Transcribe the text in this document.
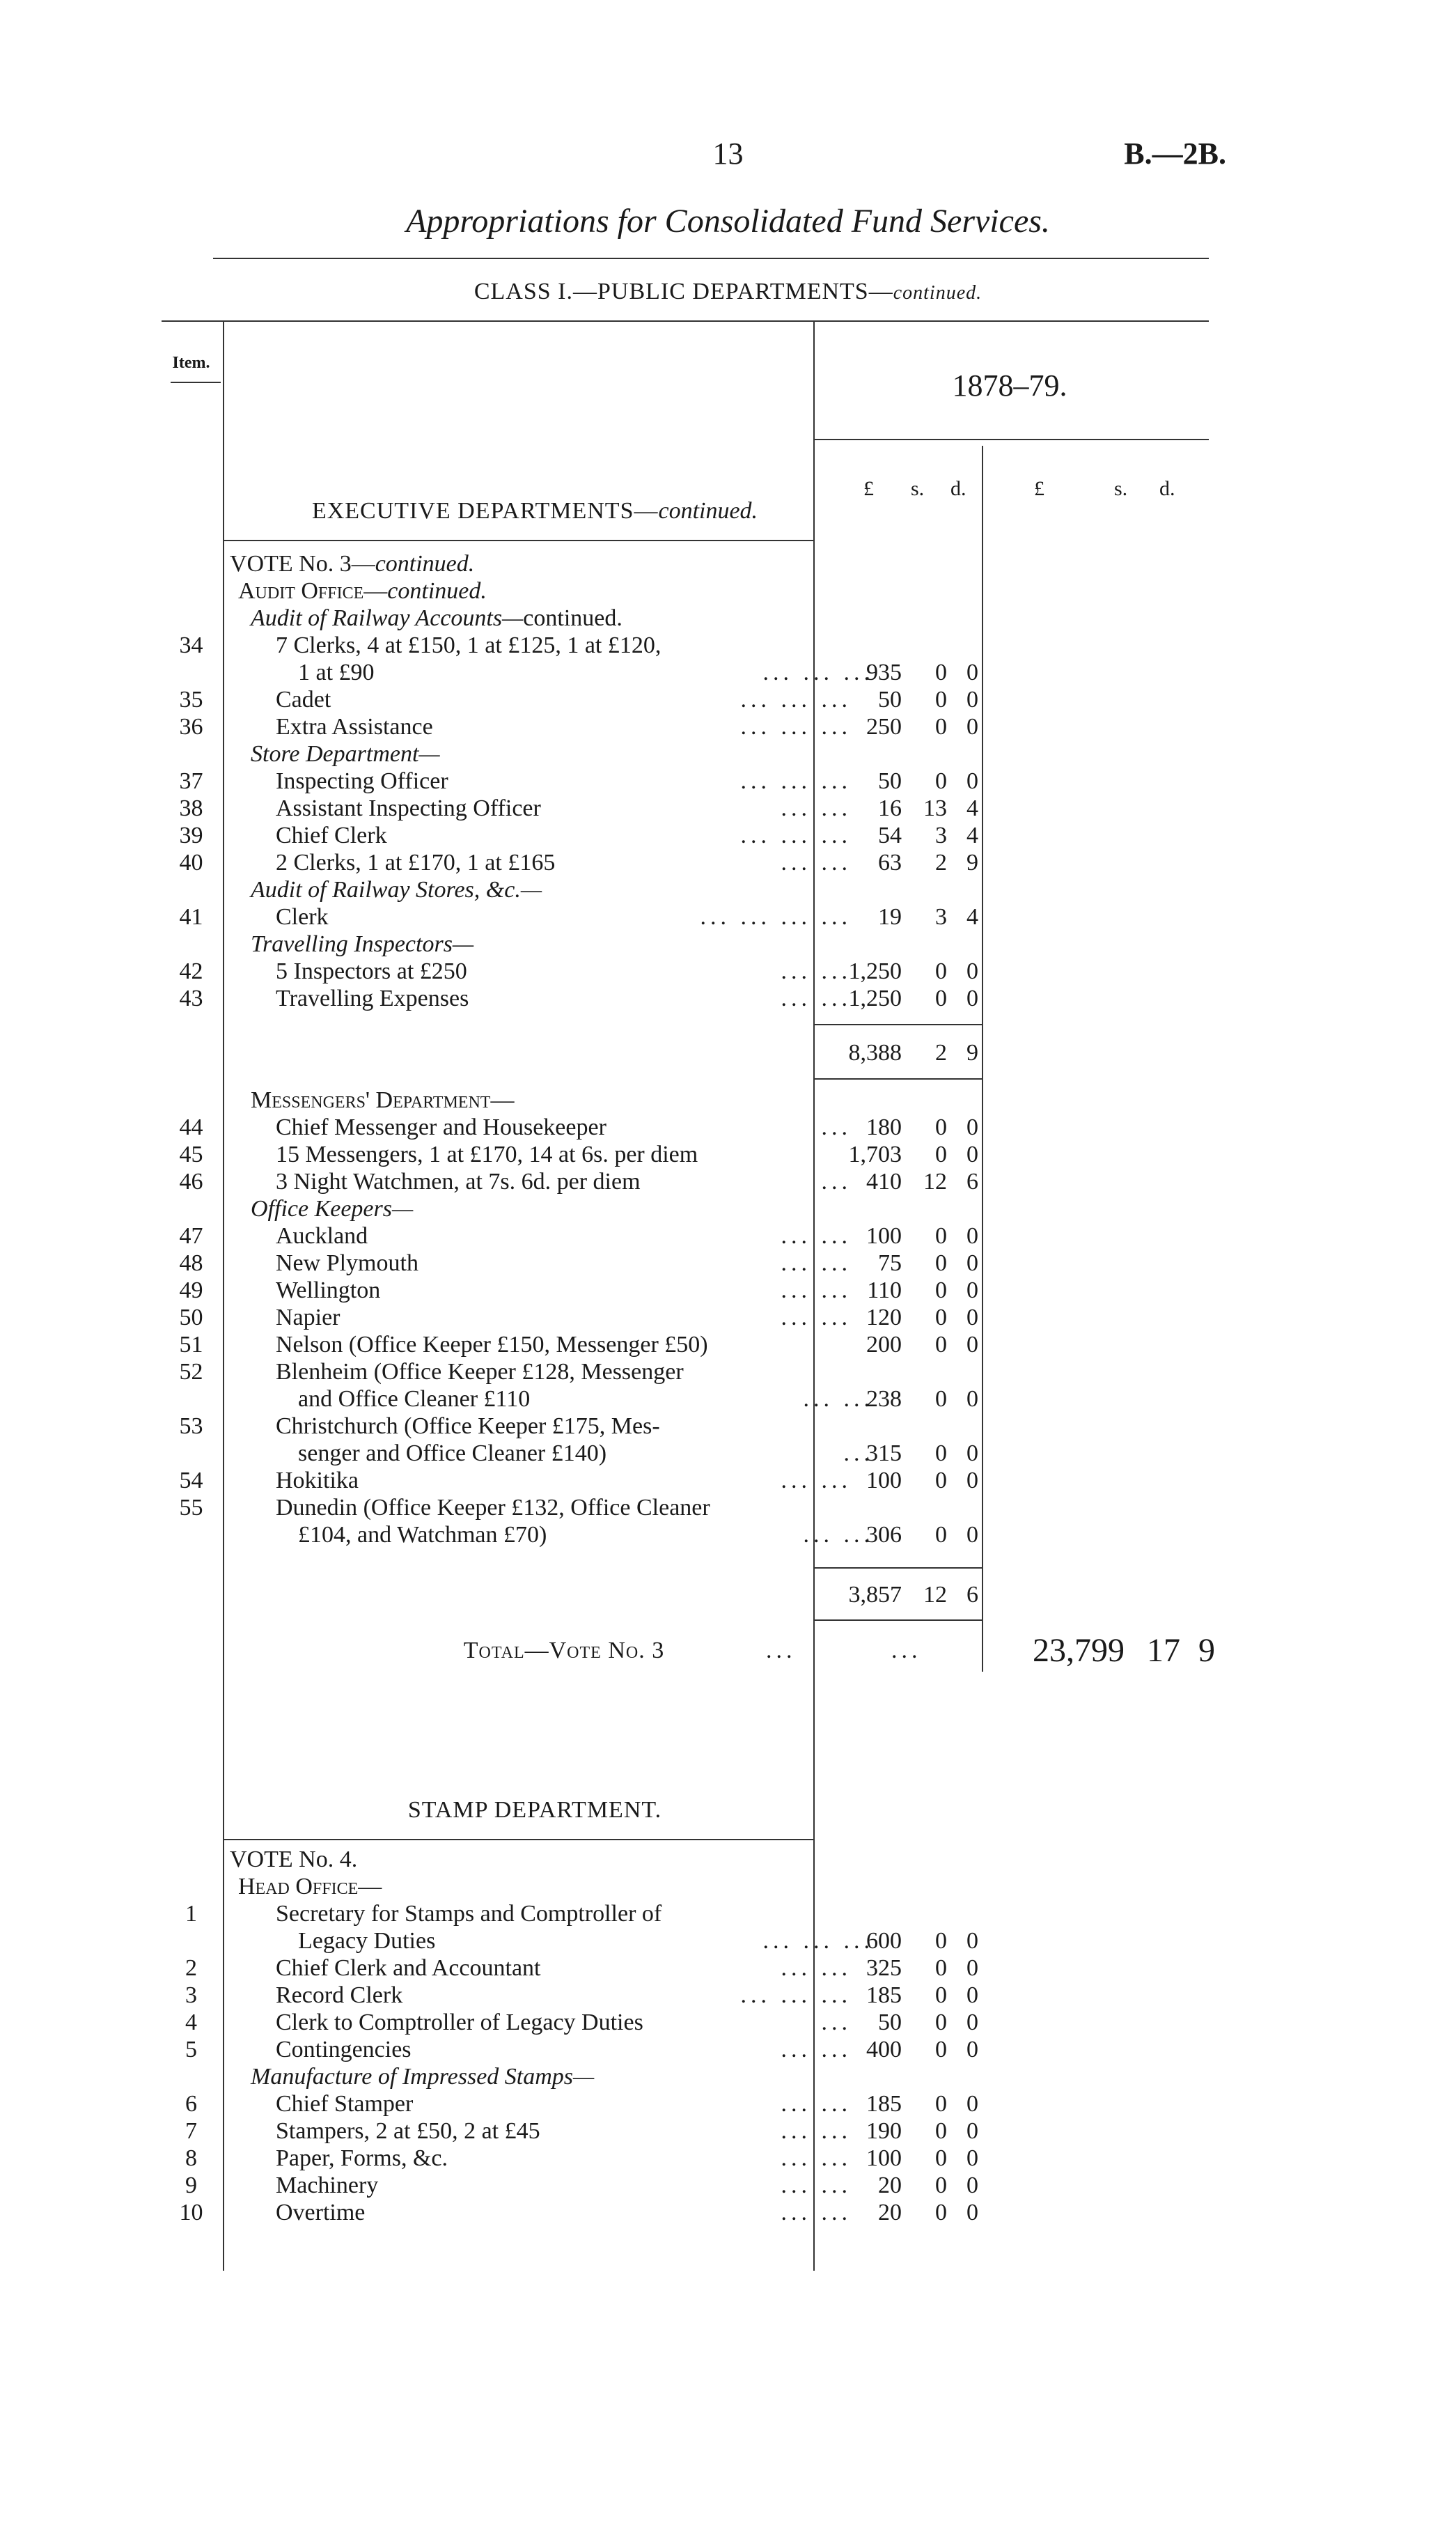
13	B.—2B.
Appropriations for Consolidated Fund Services.
CLASS I.—PUBLIC DEPARTMENTS—continued.
Item.
1878–79.
£ s. d.	£	s. d.
EXECUTIVE DEPARTMENTS—continued.
VOTE No. 3—continued.
Audit Office—continued.
Audit of Railway Accounts—continued.
34	7 Clerks, 4 at £150, 1 at £125, 1 at £120,
1 at £90	... ... ...
935	0 0
35	Cadet	... ... ...	50	0 0
36	Extra Assistance	... ... ... 250	0 0
Store Department—
37	Inspecting Officer	... ... ...	50	0 0
38	Assistant Inspecting Officer	... ...	16 13 4
39	Chief Clerk	... ... ...	54	3 4
40	2 Clerks, 1 at £170, 1 at £165	... ...	63	2 9
Audit of Railway Stores, &c.—
41	Clerk	... ... ... ...	19	3 4
Travelling Inspectors—
42	5 Inspectors at £250	... ...
1,250	0 0
43	Travelling Expenses	... ...
1,250	0 0
8,388	2 9
Messengers' Department—
44	Chief Messenger and Housekeeper	... 180	0 0
45	15 Messengers, 1 at £170, 14 at 6s. per diem	1,703	0 0
46	3 Night Watchmen, at 7s. 6d. per diem	... 410 12 6
Office Keepers—
47	Auckland	... ... 100	0 0
48	New Plymouth	... ...	75	0 0
49	Wellington	... ... 110	0 0
50	Napier	... ... 120	0 0
51	Nelson (Office Keeper £150, Messenger £50)	200	0 0
52	Blenheim (Office Keeper £128, Messenger
and Office Cleaner £110	... ...
238	0 0
53	Christchurch (Office Keeper £175, Mes-
senger and Office Cleaner £140)	...
315	0 0
54	Hokitika	... ... 100	0 0
55	Dunedin (Office Keeper £132, Office Cleaner
£104, and Watchman £70)	... ...
306	0 0
3,857 12 6
Total—Vote No. 3	...	...	23,799 17 9
STAMP DEPARTMENT.
VOTE No. 4.
Head Office—
1	Secretary for Stamps and Comptroller of
Legacy Duties	... ... ...
600	0 0
2	Chief Clerk and Accountant	... ... 325	0 0
3	Record Clerk	... ... ... 185	0 0
4	Clerk to Comptroller of Legacy Duties	...	50	0 0
5	Contingencies	... ... 400	0 0
Manufacture of Impressed Stamps—
6	Chief Stamper	... ... 185	0 0
7	Stampers, 2 at £50, 2 at £45	... ... 190	0 0
8	Paper, Forms, &c.	... ... 100	0 0
9	Machinery	... ...	20	0 0
10	Overtime	... ...	20	0 0
